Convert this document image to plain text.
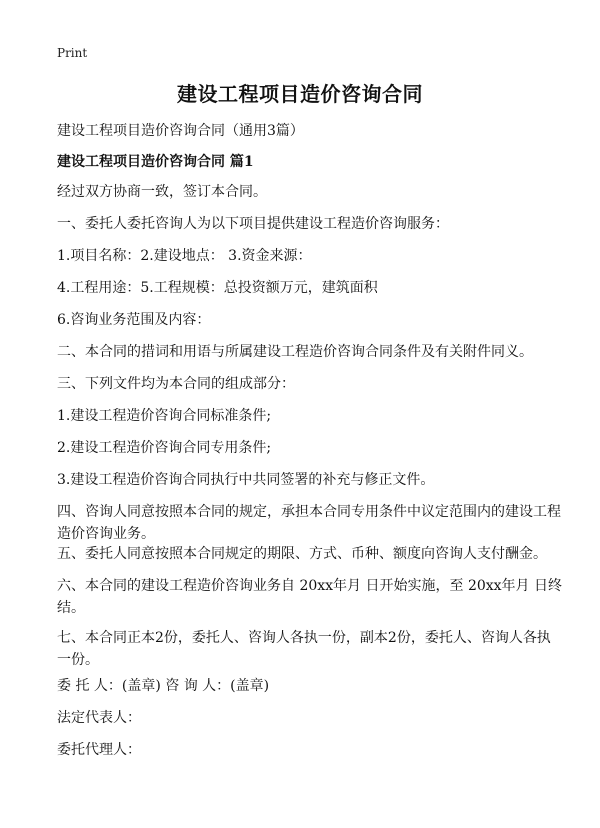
Print
建设工程项目造价咨询合同
建设工程项目造价咨询合同（通用3篇）
建设工程项目造价咨询合同 篇1
经过双方协商一致，签订本合同。
一、委托人委托咨询人为以下项目提供建设工程造价咨询服务：
1.项目名称：2.建设地点： 3.资金来源：
4.工程用途：5.工程规模：总投资额万元，建筑面积
6.咨询业务范围及内容：
二、本合同的措词和用语与所属建设工程造价咨询合同条件及有关附件同义。
三、下列文件均为本合同的组成部分：
1.建设工程造价咨询合同标准条件;
2.建设工程造价咨询合同专用条件;
3.建设工程造价咨询合同执行中共同签署的补充与修正文件。
四、咨询人同意按照本合同的规定，承担本合同专用条件中议定范围内的建设工程造价咨询业务。
五、委托人同意按照本合同规定的期限、方式、币种、额度向咨询人支付酬金。
六、本合同的建设工程造价咨询业务自 20xx年月 日开始实施，至 20xx年月 日终结。
七、本合同正本2份，委托人、咨询人各执一份，副本2份，委托人、咨询人各执一份。
委 托 人：(盖章) 咨 询 人：(盖章)
法定代表人：
委托代理人：
